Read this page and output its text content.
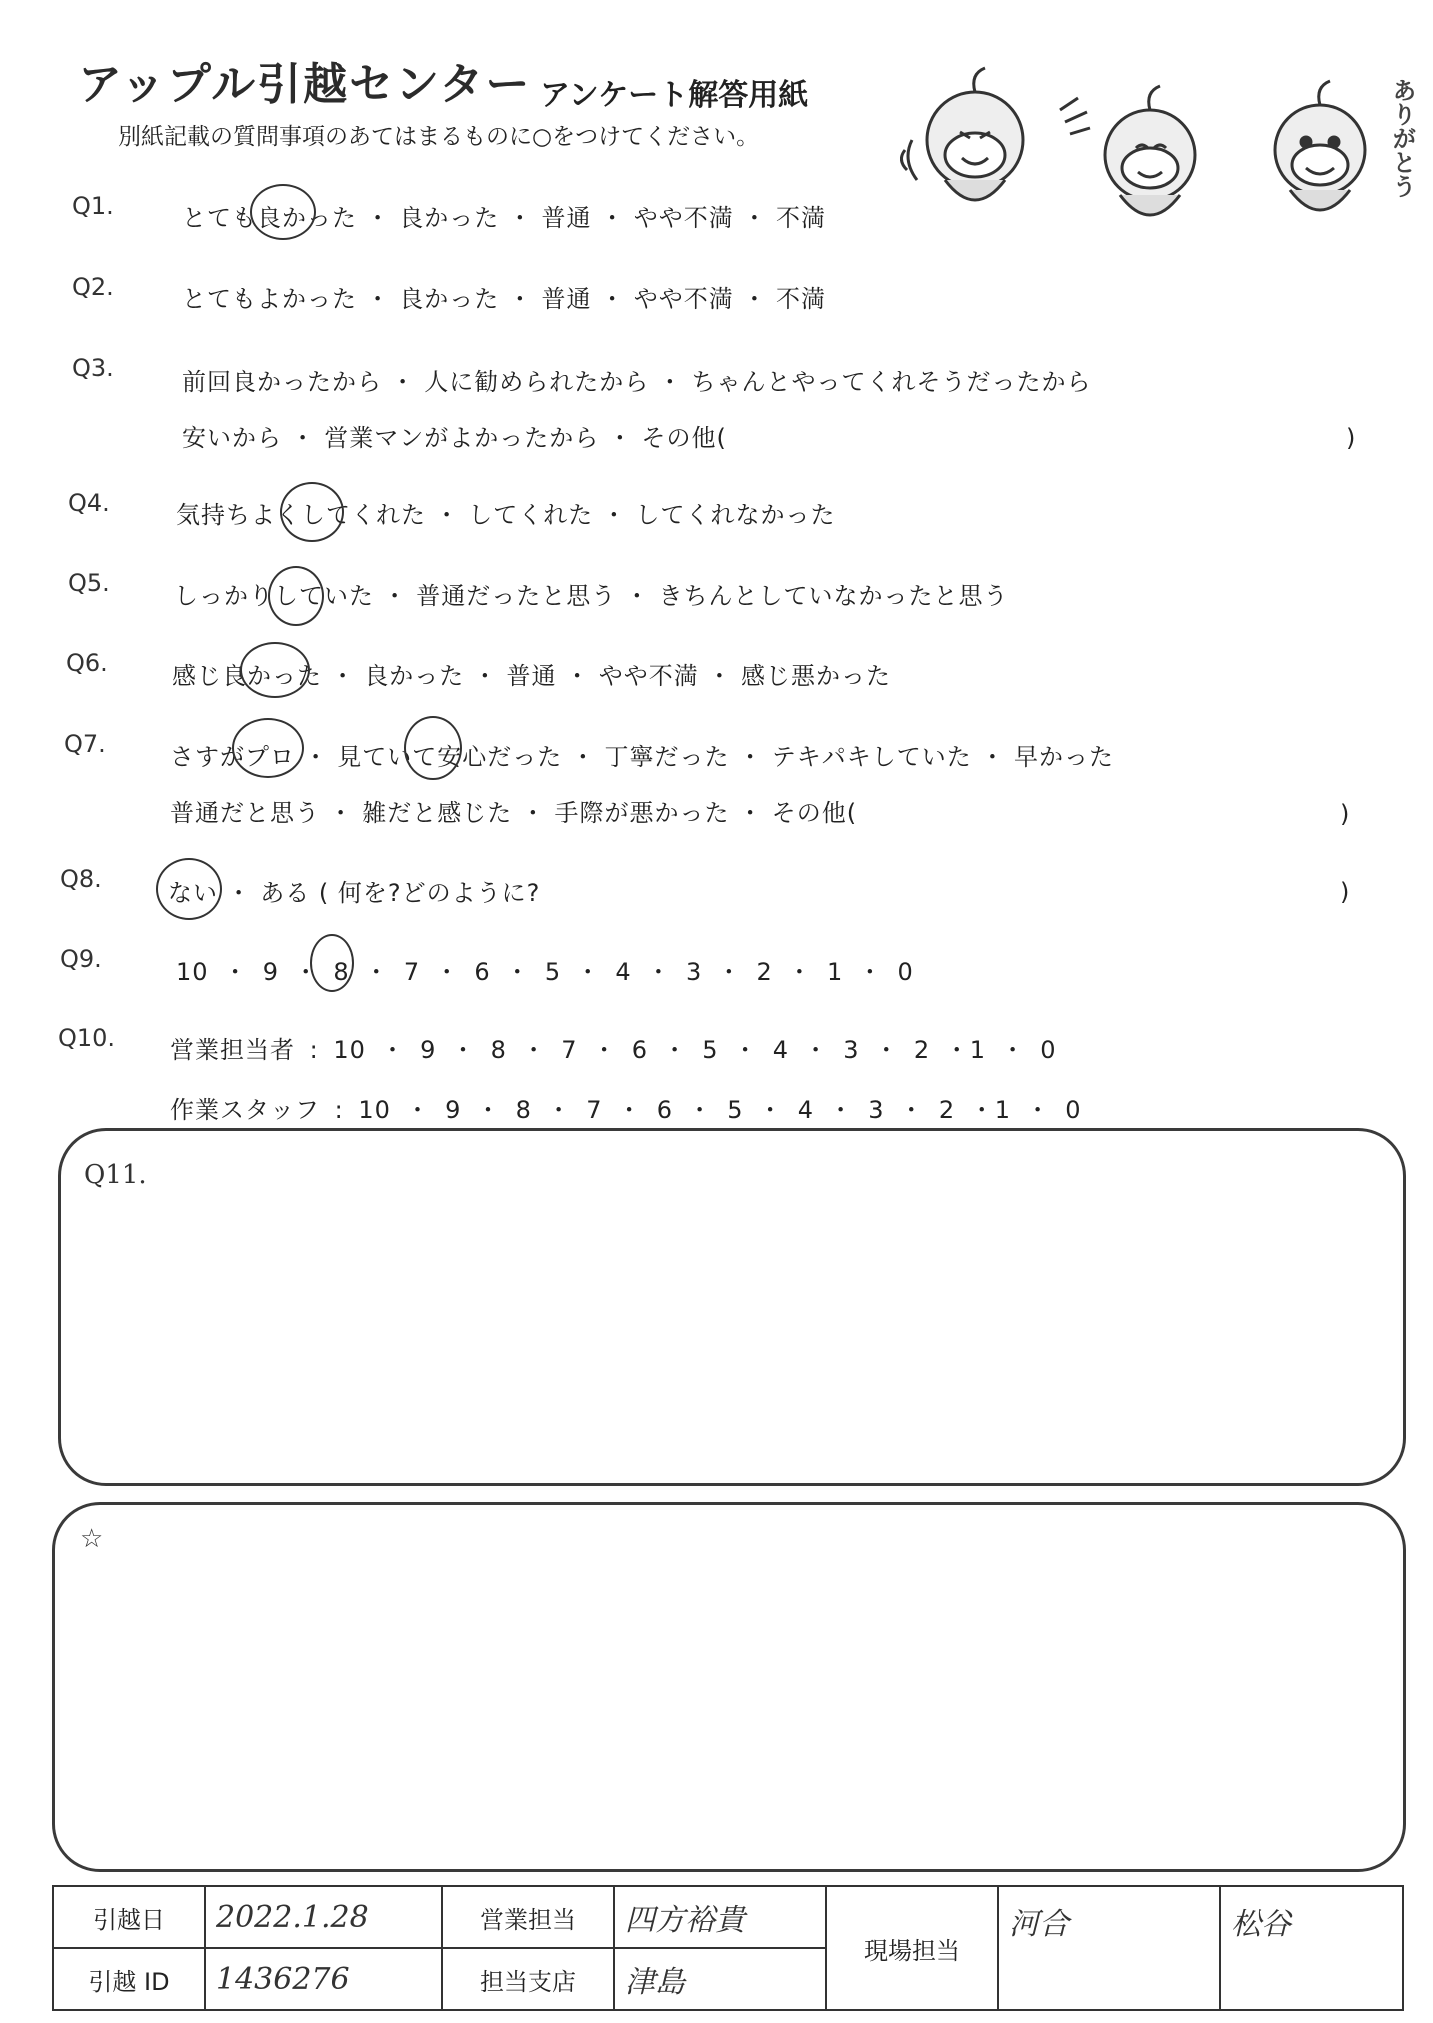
アップル引越センター アンケート解答用紙
別紙記載の質問事項のあてはまるものに○をつけてください。	ありがとう
Q1.	とても良かった ・ 良かった ・ 普通 ・ やや不満 ・ 不満
Q2.	とてもよかった ・ 良かった ・ 普通 ・ やや不満 ・ 不満
Q3.	前回良かったから ・ 人に勧められたから ・ ちゃんとやってくれそうだったから
安いから ・ 営業マンがよかったから ・ その他(	)
Q4.	気持ちよくしてくれた ・ してくれた ・ してくれなかった
Q5.	しっかりしていた ・ 普通だったと思う ・ きちんとしていなかったと思う
Q6.	感じ良かった ・ 良かった ・ 普通 ・ やや不満 ・ 感じ悪かった
Q7.	さすがプロ ・ 見ていて安心だった ・ 丁寧だった ・ テキパキしていた ・ 早かった
普通だと思う ・ 雑だと感じた ・ 手際が悪かった ・ その他(	)
Q8.	ない ・ ある ( 何を?どのように?	)
Q9.	10 ・ 9 ・ 8 ・ 7 ・ 6 ・ 5 ・ 4 ・ 3 ・ 2 ・ 1 ・ 0
Q10. 営業担当者 : 10 ・ 9 ・ 8 ・ 7 ・ 6 ・ 5 ・ 4 ・ 3 ・ 2 ・1 ・ 0
作業スタッフ : 10 ・ 9 ・ 8 ・ 7 ・ 6 ・ 5 ・ 4 ・ 3 ・ 2 ・1 ・ 0
Q11.
☆
引越日	2022.1.28	営業担当	四方裕貴	現場担当	河合	松谷
引越 ID	1436276	担当支店	津島			
